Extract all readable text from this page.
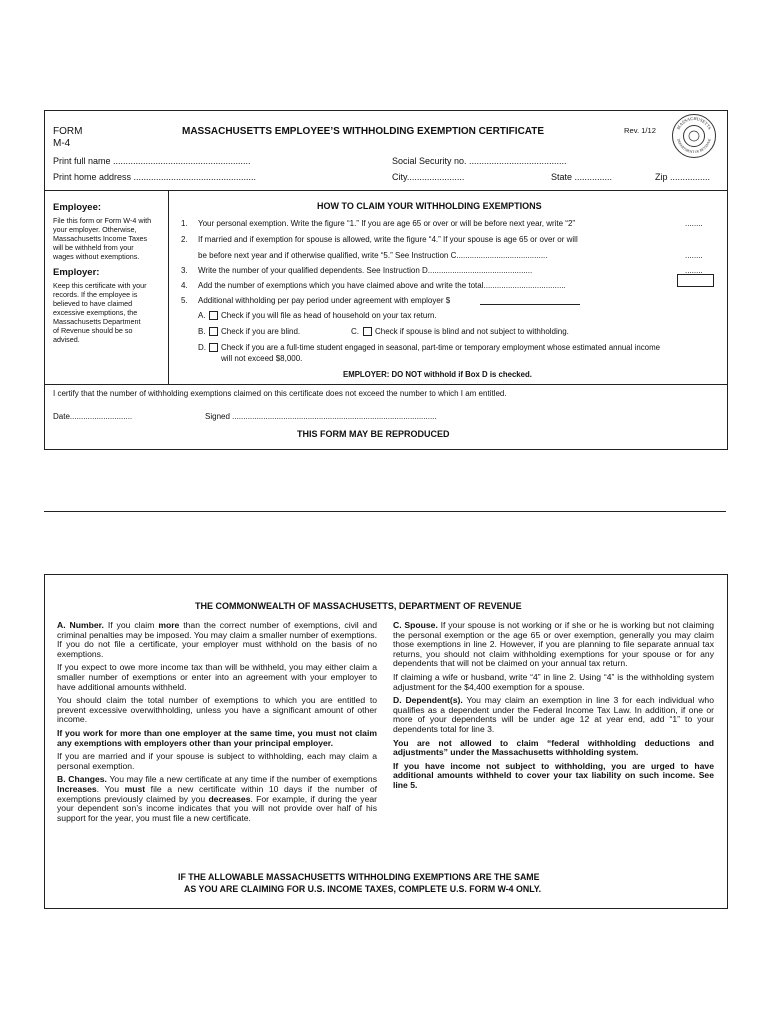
FORM
M-4
MASSACHUSETTS EMPLOYEE’S WITHHOLDING EXEMPTION CERTIFICATE	Rev. 1/12	MASSACHUSETTS
DEPARTMENT OF REVENUE
Print full name .......................................................	Social Security no. .......................................
Print home address .................................................	City.......................	State ...............	Zip ................
Employee:
File this form or Form W-4 with
your employer. Otherwise,
Massachusetts Income Taxes
will be withheld from your
wages without exemptions.
Employer:
Keep this certificate with your
records. If the employee is
believed to have claimed
excessive exemptions, the
Massachusetts Department
of Revenue should be so
advised.
HOW TO CLAIM YOUR WITHHOLDING EXEMPTIONS
1. Your personal exemption. Write the figure “1.” If you are age 65 or over or will be before next year, write “2”	........
2. If married and if exemption for spouse is allowed, write the figure “4.” If your spouse is age 65 or over or will
be before next year and if otherwise qualified, write “5.” See Instruction C.........................................	........
3. Write the number of your qualified dependents. See Instruction D...............................................	........
4. Add the number of exemptions which you have claimed above and write the total.....................................
5. Additional withholding per pay period under agreement with employer $
A. Check if you will file as head of household on your tax return.
B. Check if you are blind.	C. Check if spouse is blind and not subject to withholding.
D. Check if you are a full-time student engaged in seasonal, part-time or temporary employment whose estimated annual income
will not exceed $8,000.
EMPLOYER: DO NOT withhold if Box D is checked.
I certify that the number of withholding exemptions claimed on this certificate does not exceed the number to which I am entitled.
Date............................	Signed ............................................................................................
THIS FORM MAY BE REPRODUCED
THE COMMONWEALTH OF MASSACHUSETTS, DEPARTMENT OF REVENUE

A. Number. If you claim more than the correct number of exemptions, civil and criminal penalties may be imposed. You may claim a smaller number of exemptions. If you do not file a certificate, your employer must withhold on the basis of no exemptions.

If you expect to owe more income tax than will be withheld, you may either claim a smaller number of exemptions or enter into an agreement with your employer to have additional amounts withheld.

You should claim the total number of exemptions to which you are entitled to prevent excessive overwithholding, unless you have a significant amount of other income.

If you work for more than one employer at the same time, you must not claim any exemptions with employers other than your principal employer.

If you are married and if your spouse is subject to withholding, each may claim a personal exemption.

B. Changes. You may file a new certificate at any time if the number of exemptions Increases. You must file a new certificate within 10 days if the number of exemptions previously claimed by you decreases. For example, if during the year your dependent son’s income indicates that you will not provide over half of his support for the year, you must file a new certificate.

C. Spouse. If your spouse is not working or if she or he is working but not claiming the personal exemption or the age 65 or over exemption, generally you may claim those exemptions in line 2. However, if you are planning to file separate annual tax returns, you should not claim withholding exemptions for your spouse or for any dependents that will not be claimed on your annual tax return.

If claiming a wife or husband, write “4” in line 2. Using “4” is the withholding system adjustment for the $4,400 exemption for a spouse.

D. Dependent(s). You may claim an exemption in line 3 for each individual who qualifies as a dependent under the Federal Income Tax Law. In addition, if one or more of your dependents will be under age 12 at year end, add “1” to your dependents total for line 3.

You are not allowed to claim “federal withholding deductions and adjustments” under the Massachusetts withholding system.

If you have income not subject to withholding, you are urged to have additional amounts withheld to cover your tax liability on such income. See line 5.

IF THE ALLOWABLE MASSACHUSETTS WITHHOLDING EXEMPTIONS ARE THE SAME
AS YOU ARE CLAIMING FOR U.S. INCOME TAXES, COMPLETE U.S. FORM W-4 ONLY.
